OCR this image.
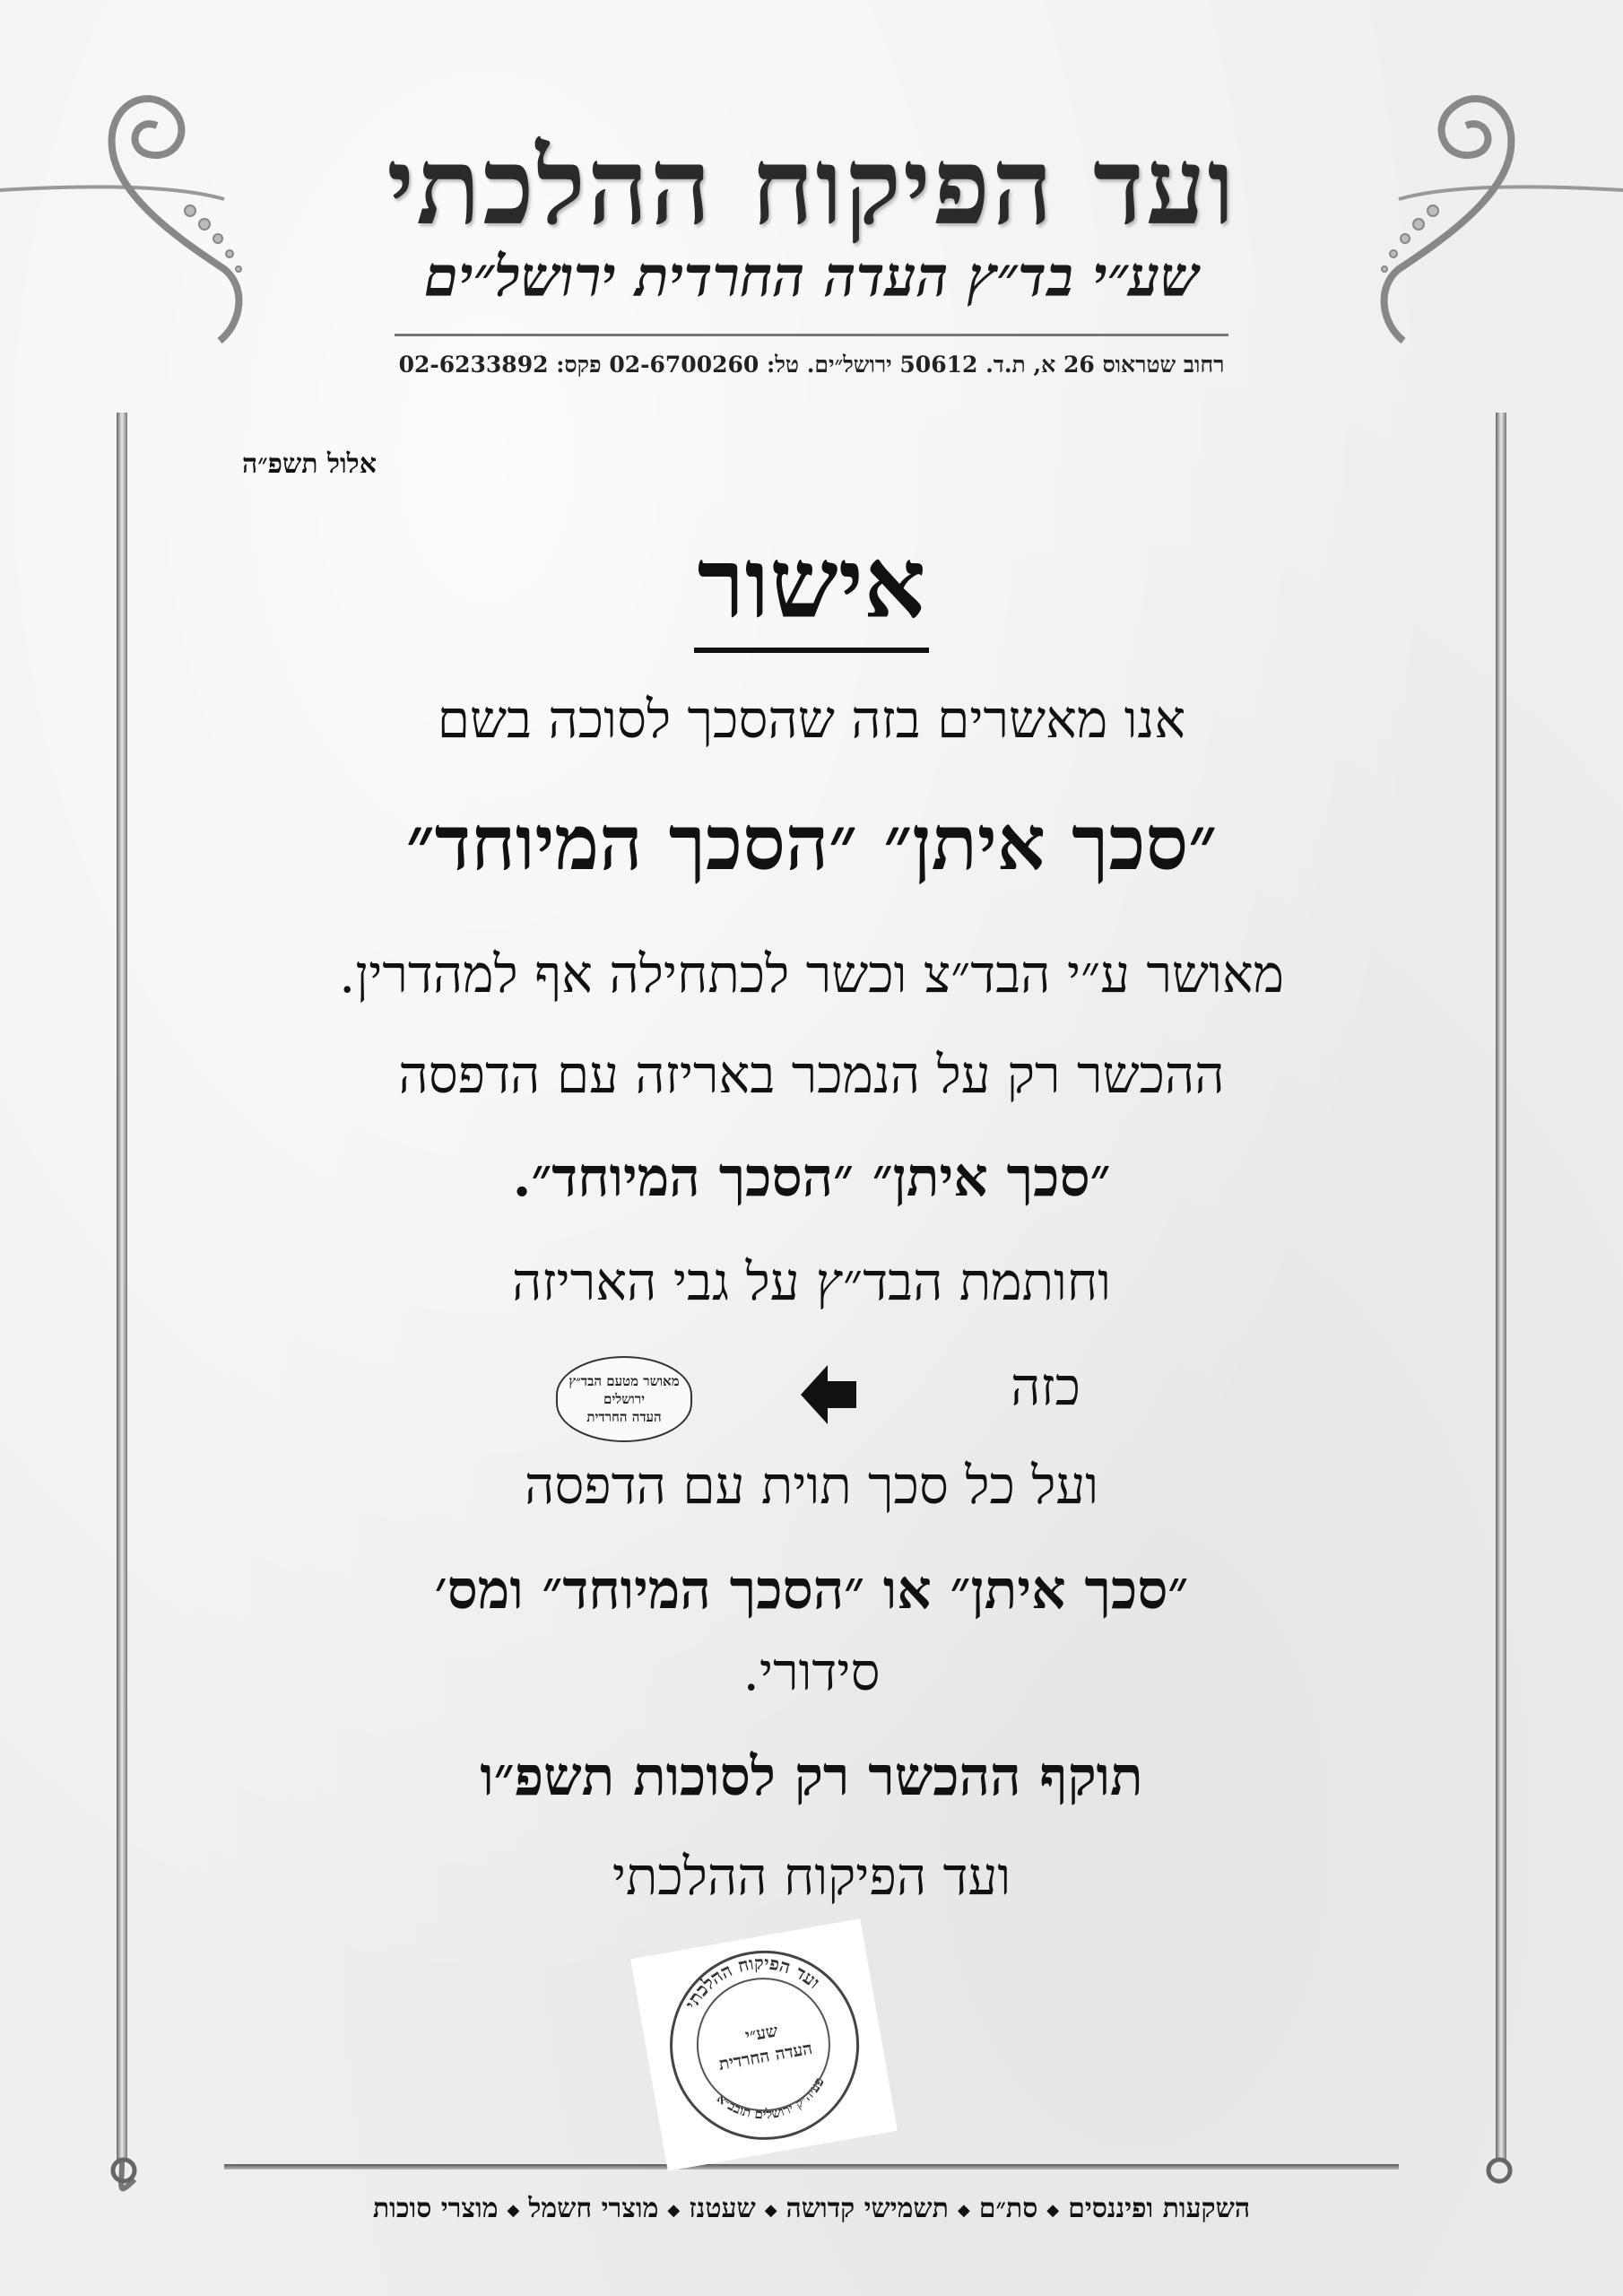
ועד הפיקוח ההלכתי
שע״י בד״ץ העדה החרדית ירושל״ים
רחוב שטראוס 26 א, ת.ד. 50612 ירושל״ים. טל: 02-6700260 פקס: 02-6233892
אלול תשפ״ה
אישור
אנו מאשרים בזה שהסכך לסוכה בשם
״סכך איתן״ ״הסכך המיוחד״
מאושר ע״י הבד״צ וכשר לכתחילה אף למהדרין.
ההכשר רק על הנמכר באריזה עם הדפסה
״סכך איתן״ ״הסכך המיוחד״.
וחותמת הבד״ץ על גבי האריזה
כזה
מאושר מטעם הבד״ץ
ירושלים
העדה החרדית
ועל כל סכך תוית עם הדפסה
״סכך איתן״ או ״הסכך המיוחד״ ומס׳
סידורי.
תוקף ההכשר רק לסוכות תשפ״ו
ועד הפיקוח ההלכתי
ועד הפיקוח ההלכתי
פעיה״ק ירושלים תובב״א
שע״י
העדה החרדית
השקעות ופיננסים◆סת״ם◆תשמישי קדושה◆שעטנז◆מוצרי חשמל◆מוצרי סוכות
